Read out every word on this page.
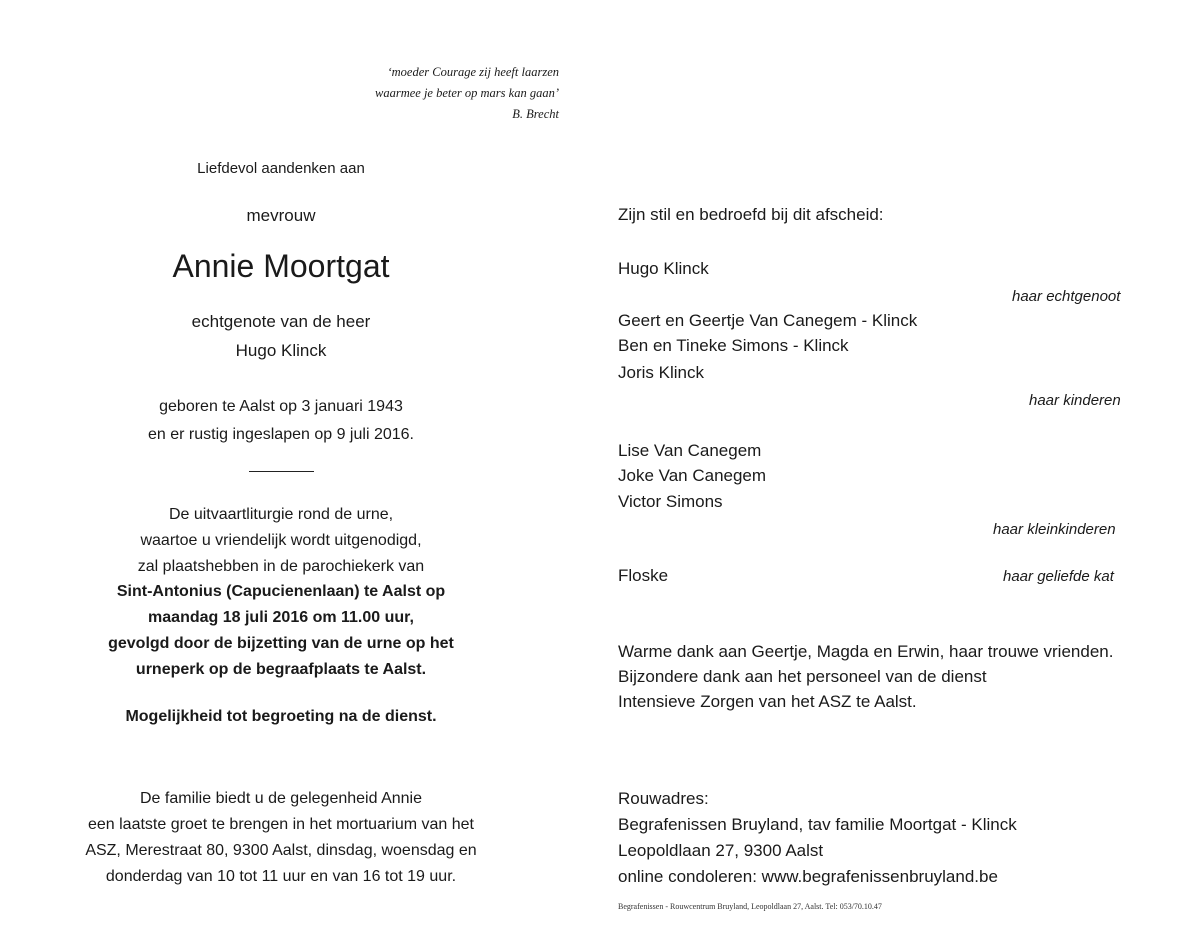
‘moeder Courage zij heeft laarzen
waarmee je beter op mars kan gaan’
B. Brecht
Liefdevol aandenken aan
mevrouw
Annie Moortgat
echtgenote van de heer
Hugo Klinck
geboren te Aalst op 3 januari 1943
en er rustig ingeslapen op 9 juli 2016.
De uitvaartliturgie rond de urne,
waartoe u vriendelijk wordt uitgenodigd,
zal plaatshebben in de parochiekerk van
Sint-Antonius (Capucienenlaan) te Aalst op
maandag 18 juli 2016 om 11.00 uur,
gevolgd door de bijzetting van de urne op het
urneperk op de begraafplaats te Aalst.
Mogelijkheid tot begroeting na de dienst.
De familie biedt u de gelegenheid Annie
een laatste groet te brengen in het mortuarium van het
ASZ, Merestraat 80, 9300 Aalst, dinsdag, woensdag en
donderdag van 10 tot 11 uur en van 16 tot 19 uur.
Zijn stil en bedroefd bij dit afscheid:
Hugo Klinck
haar echtgenoot
Geert en Geertje Van Canegem - Klinck
Ben en Tineke Simons - Klinck
Joris Klinck
haar kinderen
Lise Van Canegem
Joke Van Canegem
Victor Simons
haar kleinkinderen
Floske	haar geliefde kat
Warme dank aan Geertje, Magda en Erwin, haar trouwe vrienden.
Bijzondere dank aan het personeel van de dienst
Intensieve Zorgen van het ASZ te Aalst.
Rouwadres:
Begrafenissen Bruyland, tav familie Moortgat - Klinck
Leopoldlaan 27, 9300 Aalst
online condoleren: www.begrafenissenbruyland.be
Begrafenissen - Rouwcentrum Bruyland, Leopoldlaan 27, Aalst. Tel: 053/70.10.47
